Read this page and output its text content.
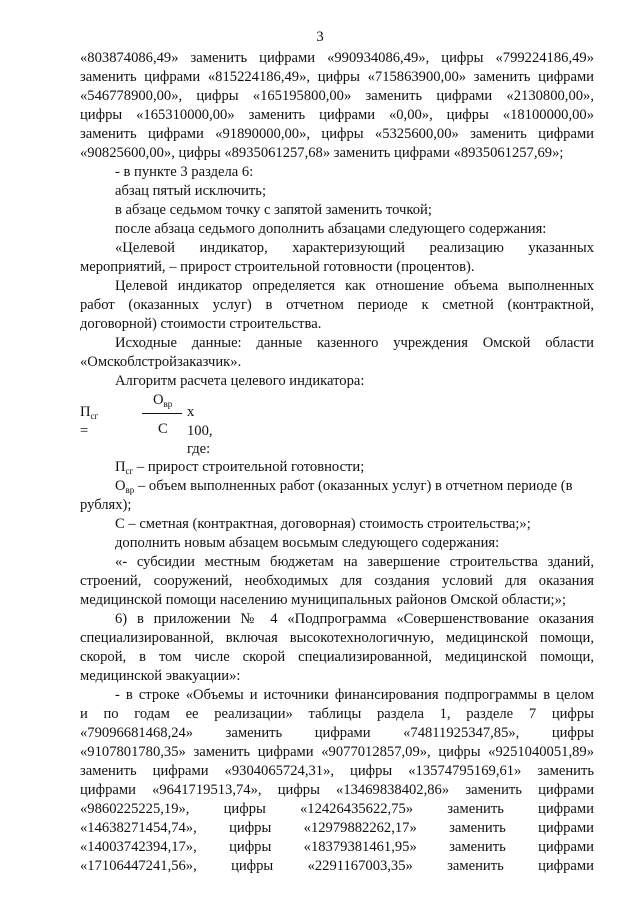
3
«803874086,49» заменить цифрами «990934086,49», цифры «799224186,49»
заменить цифрами «815224186,49», цифры «715863900,00» заменить цифрами
«546778900,00», цифры «165195800,00» заменить цифрами «2130800,00»,
цифры «165310000,00» заменить цифрами «0,00», цифры «18100000,00»
заменить цифрами «91890000,00», цифры «5325600,00» заменить цифрами
«90825600,00», цифры «8935061257,68» заменить цифрами «8935061257,69»;
- в пункте 3 раздела 6:
абзац пятый исключить;
в абзаце седьмом точку с запятой заменить точкой;
после абзаца седьмого дополнить абзацами следующего содержания:
«Целевой индикатор, характеризующий реализацию указанных
мероприятий, – прирост строительной готовности (процентов).
Целевой индикатор определяется как отношение объема выполненных
работ (оказанных услуг) в отчетном периоде к сметной (контрактной,
договорной) стоимости строительства.
Исходные данные: данные казенного учреждения Омской области
«Омскоблстройзаказчик».
Алгоритм расчета целевого индикатора:
рублях);
С – сметная (контрактная, договорная) стоимость строительства;»;
дополнить новым абзацем восьмым следующего содержания:
«- субсидии местным бюджетам на завершение строительства зданий,
строений, сооружений, необходимых для создания условий для оказания
медицинской помощи населению муниципальных районов Омской области;»;
6) в приложении № 4 «Подпрограмма «Совершенствование оказания
специализированной, включая высокотехнологичную, медицинской помощи,
скорой, в том числе скорой специализированной, медицинской помощи,
медицинской эвакуации»:
- в строке «Объемы и источники финансирования подпрограммы в целом
и по годам ее реализации» таблицы раздела 1, разделе 7 цифры
«79096681468,24» заменить цифрами «74811925347,85», цифры
«9107801780,35» заменить цифрами «9077012857,09», цифры «9251040051,89»
заменить цифрами «9304065724,31», цифры «13574795169,61» заменить
цифрами «9641719513,74», цифры «13469838402,86» заменить цифрами
$П_{сг}$ =
$О_{вр}$
С
х 100, где:
$П_{сг}$ – прирост строительной готовности;
$О_{вр}$ – объем выполненных работ (оказанных услуг) в отчетном периоде (в
«9860225225,19», цифры «12426435622,75» заменить цифрами
«14638271454,74», цифры «12979882262,17» заменить цифрами
«14003742394,17», цифры «18379381461,95» заменить цифрами
«17106447241,56», цифры «2291167003,35» заменить цифрами
